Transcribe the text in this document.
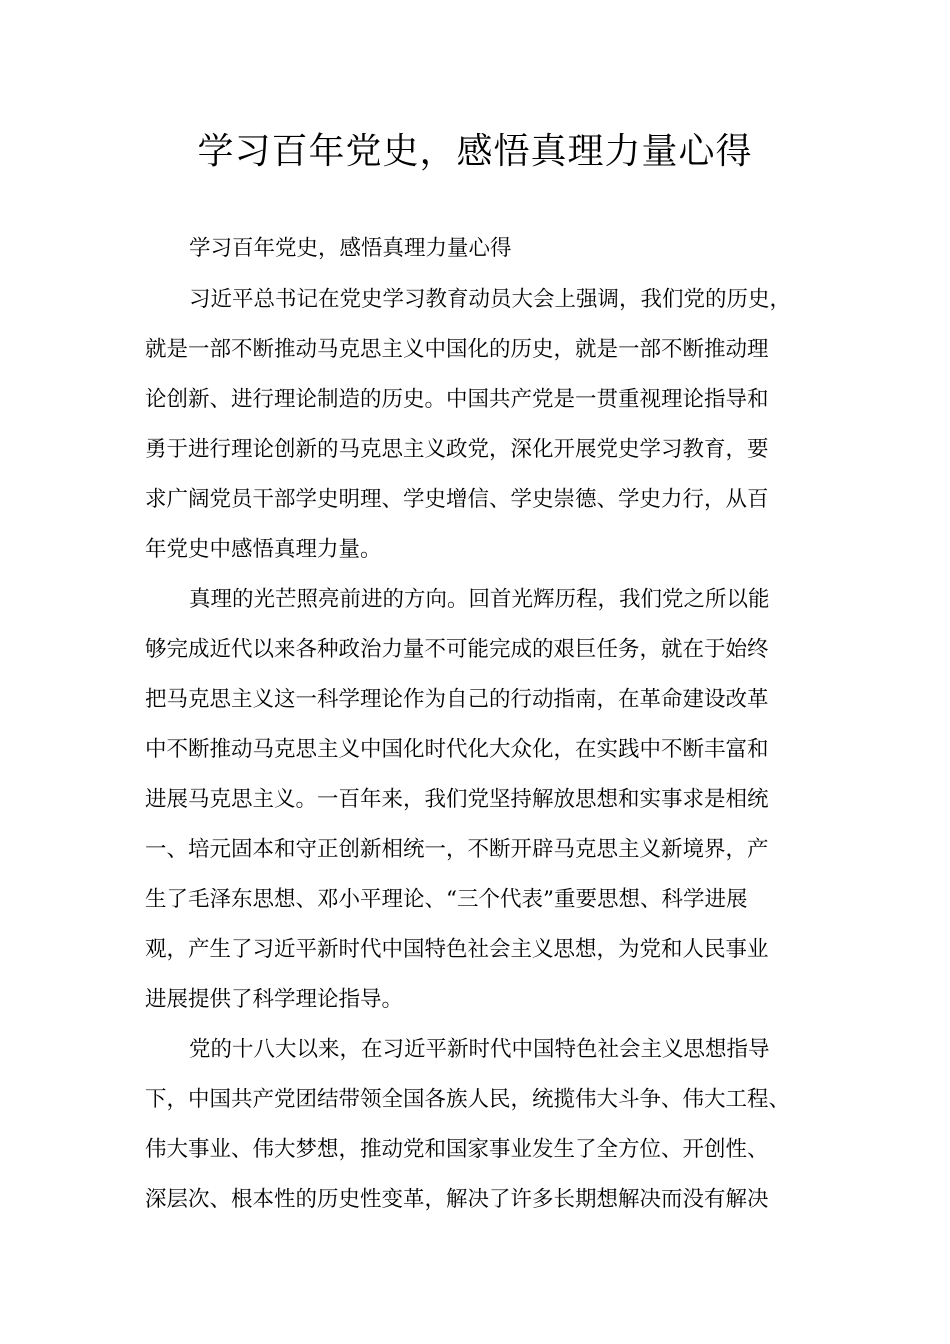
学习百年党史，感悟真理力量心得
学习百年党史，感悟真理力量心得
习近平总书记在党史学习教育动员大会上强调，我们党的历史，
就是一部不断推动马克思主义中国化的历史，就是一部不断推动理
论创新、进行理论制造的历史。中国共产党是一贯重视理论指导和
勇于进行理论创新的马克思主义政党，深化开展党史学习教育，要
求广阔党员干部学史明理、学史增信、学史崇德、学史力行，从百
年党史中感悟真理力量。
真理的光芒照亮前进的方向。回首光辉历程，我们党之所以能
够完成近代以来各种政治力量不可能完成的艰巨任务，就在于始终
把马克思主义这一科学理论作为自己的行动指南，在革命建设改革
中不断推动马克思主义中国化时代化大众化，在实践中不断丰富和
进展马克思主义。一百年来，我们党坚持解放思想和实事求是相统
一、培元固本和守正创新相统一，不断开辟马克思主义新境界，产
生了毛泽东思想、邓小平理论、“三个代表”重要思想、科学进展
观，产生了习近平新时代中国特色社会主义思想，为党和人民事业
进展提供了科学理论指导。
党的十八大以来，在习近平新时代中国特色社会主义思想指导
下，中国共产党团结带领全国各族人民，统揽伟大斗争、伟大工程、
伟大事业、伟大梦想，推动党和国家事业发生了全方位、开创性、
深层次、根本性的历史性变革，解决了许多长期想解决而没有解决
